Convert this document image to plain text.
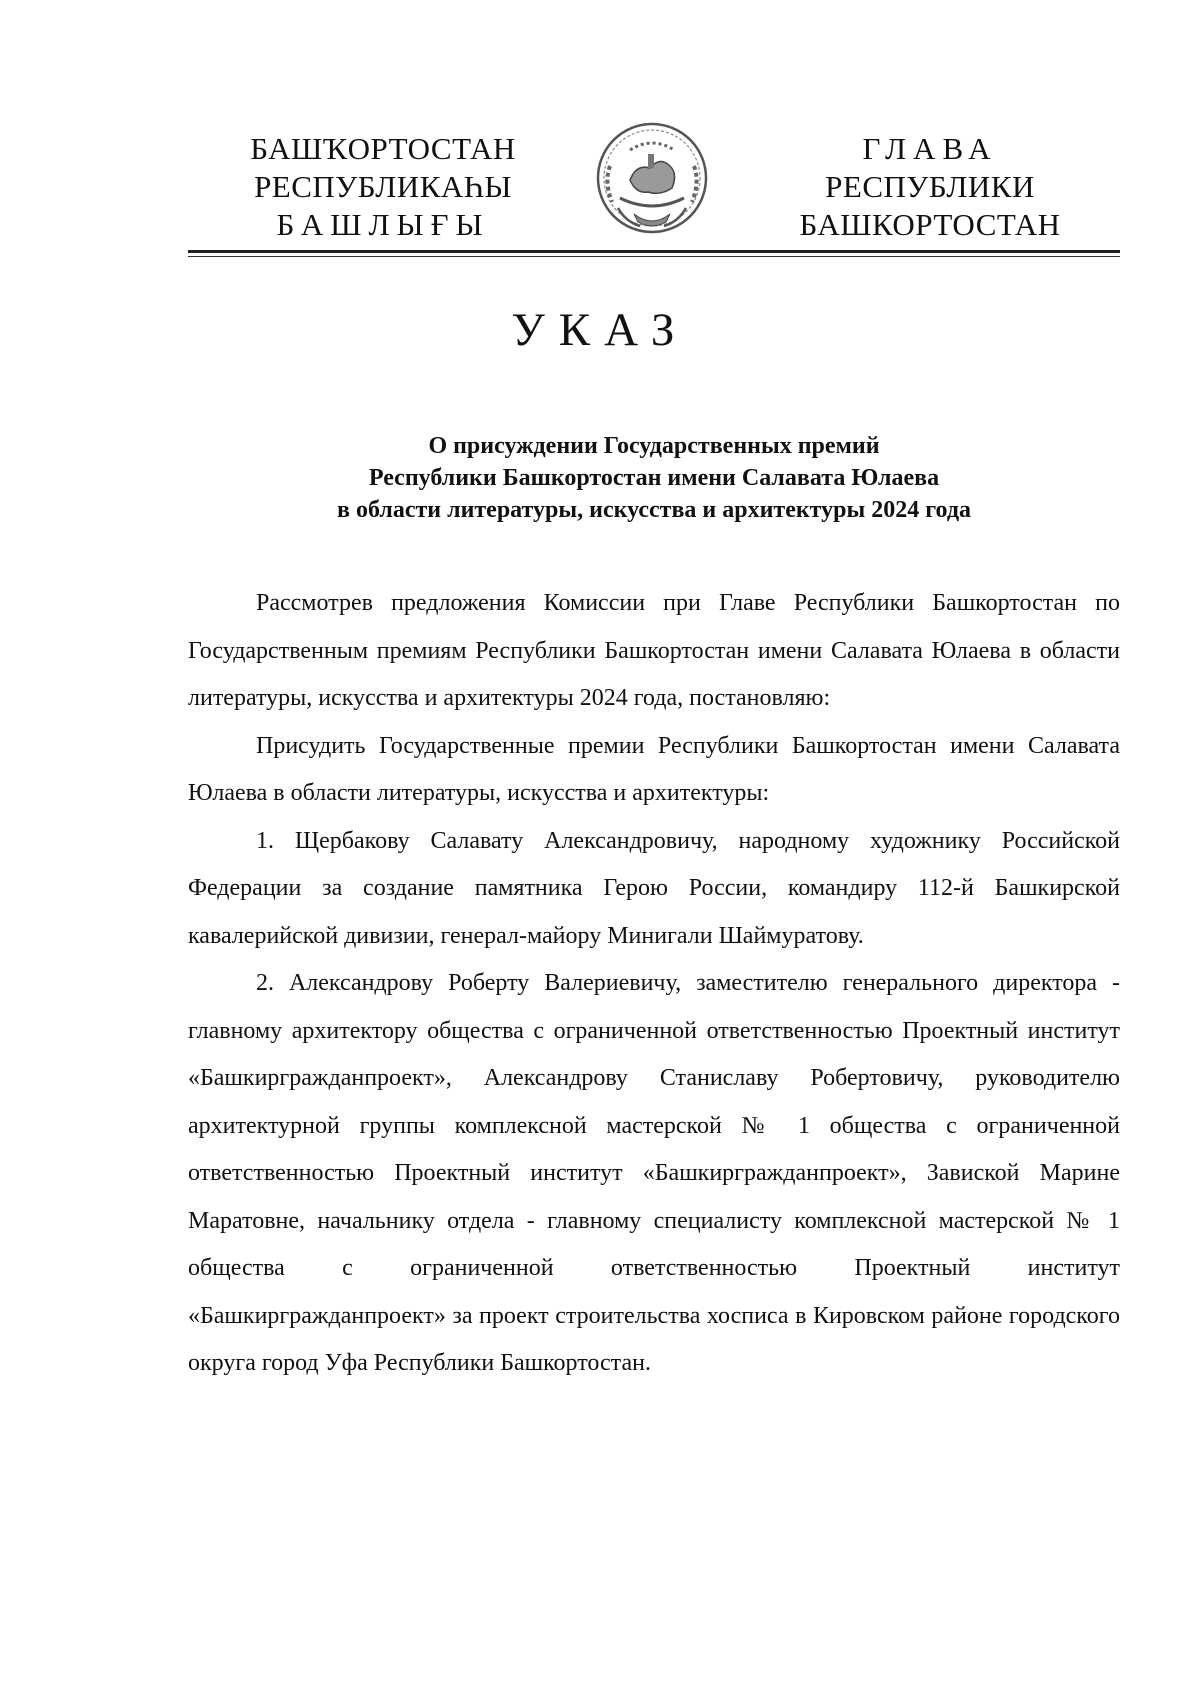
БАШҠОРТОСТАН
РЕСПУБЛИКАҺЫ
БАШЛЫҒЫ
ГЛАВА
РЕСПУБЛИКИ
БАШКОРТОСТАН
УКАЗ
О присуждении Государственных премий
Республики Башкортостан имени Салавата Юлаева
в области литературы, искусства и архитектуры 2024 года

Рассмотрев предложения Комиссии при Главе Республики Башкортостан по Государственным премиям Республики Башкортостан имени Салавата Юлаева в области литературы, искусства и архитектуры 2024 года, постановляю:

Присудить Государственные премии Республики Башкортостан имени Салавата Юлаева в области литературы, искусства и архитектуры:

1. Щербакову Салавату Александровичу, народному художнику Российской Федерации за создание памятника Герою России, командиру 112-й Башкирской кавалерийской дивизии, генерал-майору Минигали Шаймуратову.

2. Александрову Роберту Валериевичу, заместителю генерального директора - главному архитектору общества с ограниченной ответственностью Проектный институт «Башкиргражданпроект», Александрову Станиславу Робертовичу, руководителю архитектурной группы комплексной мастерской № 1 общества с ограниченной ответственностью Проектный институт «Башкиргражданпроект», Завиской Марине Маратовне, начальнику отдела - главному специалисту комплексной мастерской № 1 общества с ограниченной ответственностью Проектный институт «Башкиргражданпроект» за проект строительства хосписа в Кировском районе городского округа город Уфа Республики Башкортостан.
